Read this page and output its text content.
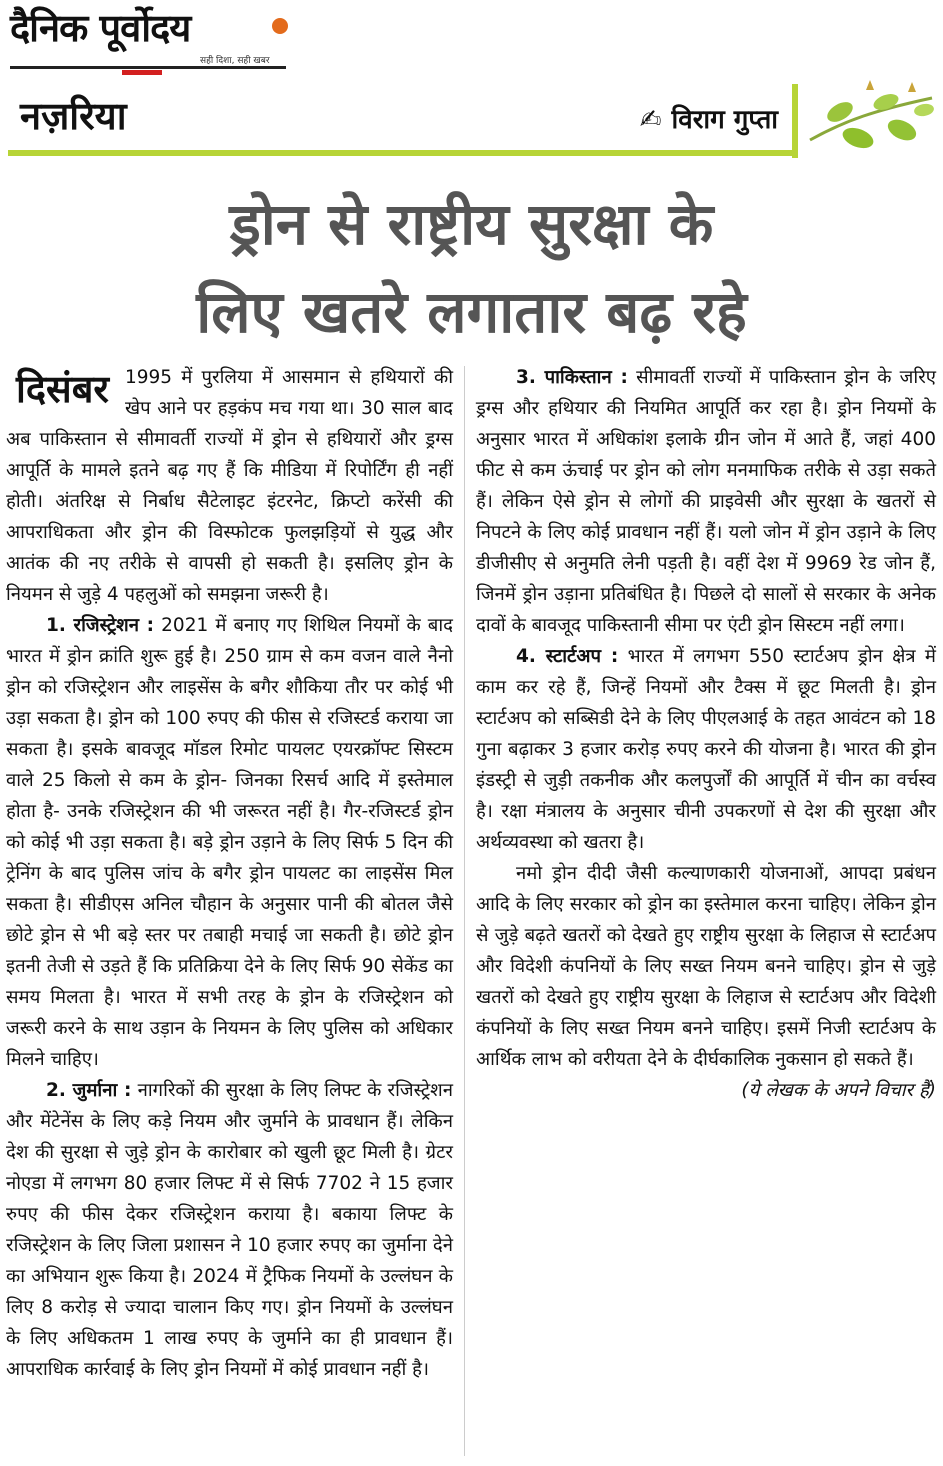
दैनिक पूर्वोदय
सही दिशा, सही खबर
नज़रिया	✍ विराग गुप्ता
ड्रोन से राष्ट्रीय सुरक्षा के
लिए खतरे लगातार बढ़ रहे

दिसंबर 1995 में पुरलिया में आसमान से हथियारों की खेप आने पर हड़कंप मच गया था। 30 साल बाद अब पाकिस्तान से सीमावर्ती राज्यों में ड्रोन से हथियारों और ड्रग्स आपूर्ति के मामले इतने बढ़ गए हैं कि मीडिया में रिपोर्टिंग ही नहीं होती। अंतरिक्ष से निर्बाध सैटेलाइट इंटरनेट, क्रिप्टो करेंसी की आपराधिकता और ड्रोन की विस्फोटक फुलझड़ियों से युद्ध और आतंक की नए तरीके से वापसी हो सकती है। इसलिए ड्रोन के नियमन से जुड़े 4 पहलुओं को समझना जरूरी है।

1. रजिस्ट्रेशन : 2021 में बनाए गए शिथिल नियमों के बाद भारत में ड्रोन क्रांति शुरू हुई है। 250 ग्राम से कम वजन वाले नैनो ड्रोन को रजिस्ट्रेशन और लाइसेंस के बगैर शौकिया तौर पर कोई भी उड़ा सकता है। ड्रोन को 100 रुपए की फीस से रजिस्टर्ड कराया जा सकता है। इसके बावजूद मॉडल रिमोट पायलट एयरक्रॉफ्ट सिस्टम वाले 25 किलो से कम के ड्रोन- जिनका रिसर्च आदि में इस्तेमाल होता है- उनके रजिस्ट्रेशन की भी जरूरत नहीं है। गैर-रजिस्टर्ड ड्रोन को कोई भी उड़ा सकता है। बड़े ड्रोन उड़ाने के लिए सिर्फ 5 दिन की ट्रेनिंग के बाद पुलिस जांच के बगैर ड्रोन पायलट का लाइसेंस मिल सकता है। सीडीएस अनिल चौहान के अनुसार पानी की बोतल जैसे छोटे ड्रोन से भी बड़े स्तर पर तबाही मचाई जा सकती है। छोटे ड्रोन इतनी तेजी से उड़ते हैं कि प्रतिक्रिया देने के लिए सिर्फ 90 सेकेंड का समय मिलता है। भारत में सभी तरह के ड्रोन के रजिस्ट्रेशन को जरूरी करने के साथ उड़ान के नियमन के लिए पुलिस को अधिकार मिलने चाहिए।

2. जुर्माना : नागरिकों की सुरक्षा के लिए लिफ्ट के रजिस्ट्रेशन और मेंटेनेंस के लिए कड़े नियम और जुर्माने के प्रावधान हैं। लेकिन देश की सुरक्षा से जुड़े ड्रोन के कारोबार को खुली छूट मिली है। ग्रेटर नोएडा में लगभग 80 हजार लिफ्ट में से सिर्फ 7702 ने 15 हजार रुपए की फीस देकर रजिस्ट्रेशन कराया है। बकाया लिफ्ट के रजिस्ट्रेशन के लिए जिला प्रशासन ने 10 हजार रुपए का जुर्माना देने का अभियान शुरू किया है। 2024 में ट्रैफिक नियमों के उल्लंघन के लिए 8 करोड़ से ज्यादा चालान किए गए। ड्रोन नियमों के उल्लंघन के लिए अधिकतम 1 लाख रुपए के जुर्माने का ही प्रावधान हैं। आपराधिक कार्रवाई के लिए ड्रोन नियमों में कोई प्रावधान नहीं है।

3. पाकिस्तान : सीमावर्ती राज्यों में पाकिस्तान ड्रोन के जरिए ड्रग्स और हथियार की नियमित आपूर्ति कर रहा है। ड्रोन नियमों के अनुसार भारत में अधिकांश इलाके ग्रीन जोन में आते हैं, जहां 400 फीट से कम ऊंचाई पर ड्रोन को लोग मनमाफिक तरीके से उड़ा सकते हैं। लेकिन ऐसे ड्रोन से लोगों की प्राइवेसी और सुरक्षा के खतरों से निपटने के लिए कोई प्रावधान नहीं हैं। यलो जोन में ड्रोन उड़ाने के लिए डीजीसीए से अनुमति लेनी पड़ती है। वहीं देश में 9969 रेड जोन हैं, जिनमें ड्रोन उड़ाना प्रतिबंधित है। पिछले दो सालों से सरकार के अनेक दावों के बावजूद पाकिस्तानी सीमा पर एंटी ड्रोन सिस्टम नहीं लगा।

4. स्टार्टअप : भारत में लगभग 550 स्टार्टअप ड्रोन क्षेत्र में काम कर रहे हैं, जिन्हें नियमों और टैक्स में छूट मिलती है। ड्रोन स्टार्टअप को सब्सिडी देने के लिए पीएलआई के तहत आवंटन को 18 गुना बढ़ाकर 3 हजार करोड़ रुपए करने की योजना है। भारत की ड्रोन इंडस्ट्री से जुड़ी तकनीक और कलपुर्जों की आपूर्ति में चीन का वर्चस्व है। रक्षा मंत्रालय के अनुसार चीनी उपकरणों से देश की सुरक्षा और अर्थव्यवस्था को खतरा है।

नमो ड्रोन दीदी जैसी कल्याणकारी योजनाओं, आपदा प्रबंधन आदि के लिए सरकार को ड्रोन का इस्तेमाल करना चाहिए। लेकिन ड्रोन से जुड़े बढ़ते खतरों को देखते हुए राष्ट्रीय सुरक्षा के लिहाज से स्टार्टअप और विदेशी कंपनियों के लिए सख्त नियम बनने चाहिए। ड्रोन से जुड़े खतरों को देखते हुए राष्ट्रीय सुरक्षा के लिहाज से स्टार्टअप और विदेशी कंपनियों के लिए सख्त नियम बनने चाहिए। इसमें निजी स्टार्टअप के आर्थिक लाभ को वरीयता देने के दीर्घकालिक नुकसान हो सकते हैं।

(ये लेखक के अपने विचार हैं)
